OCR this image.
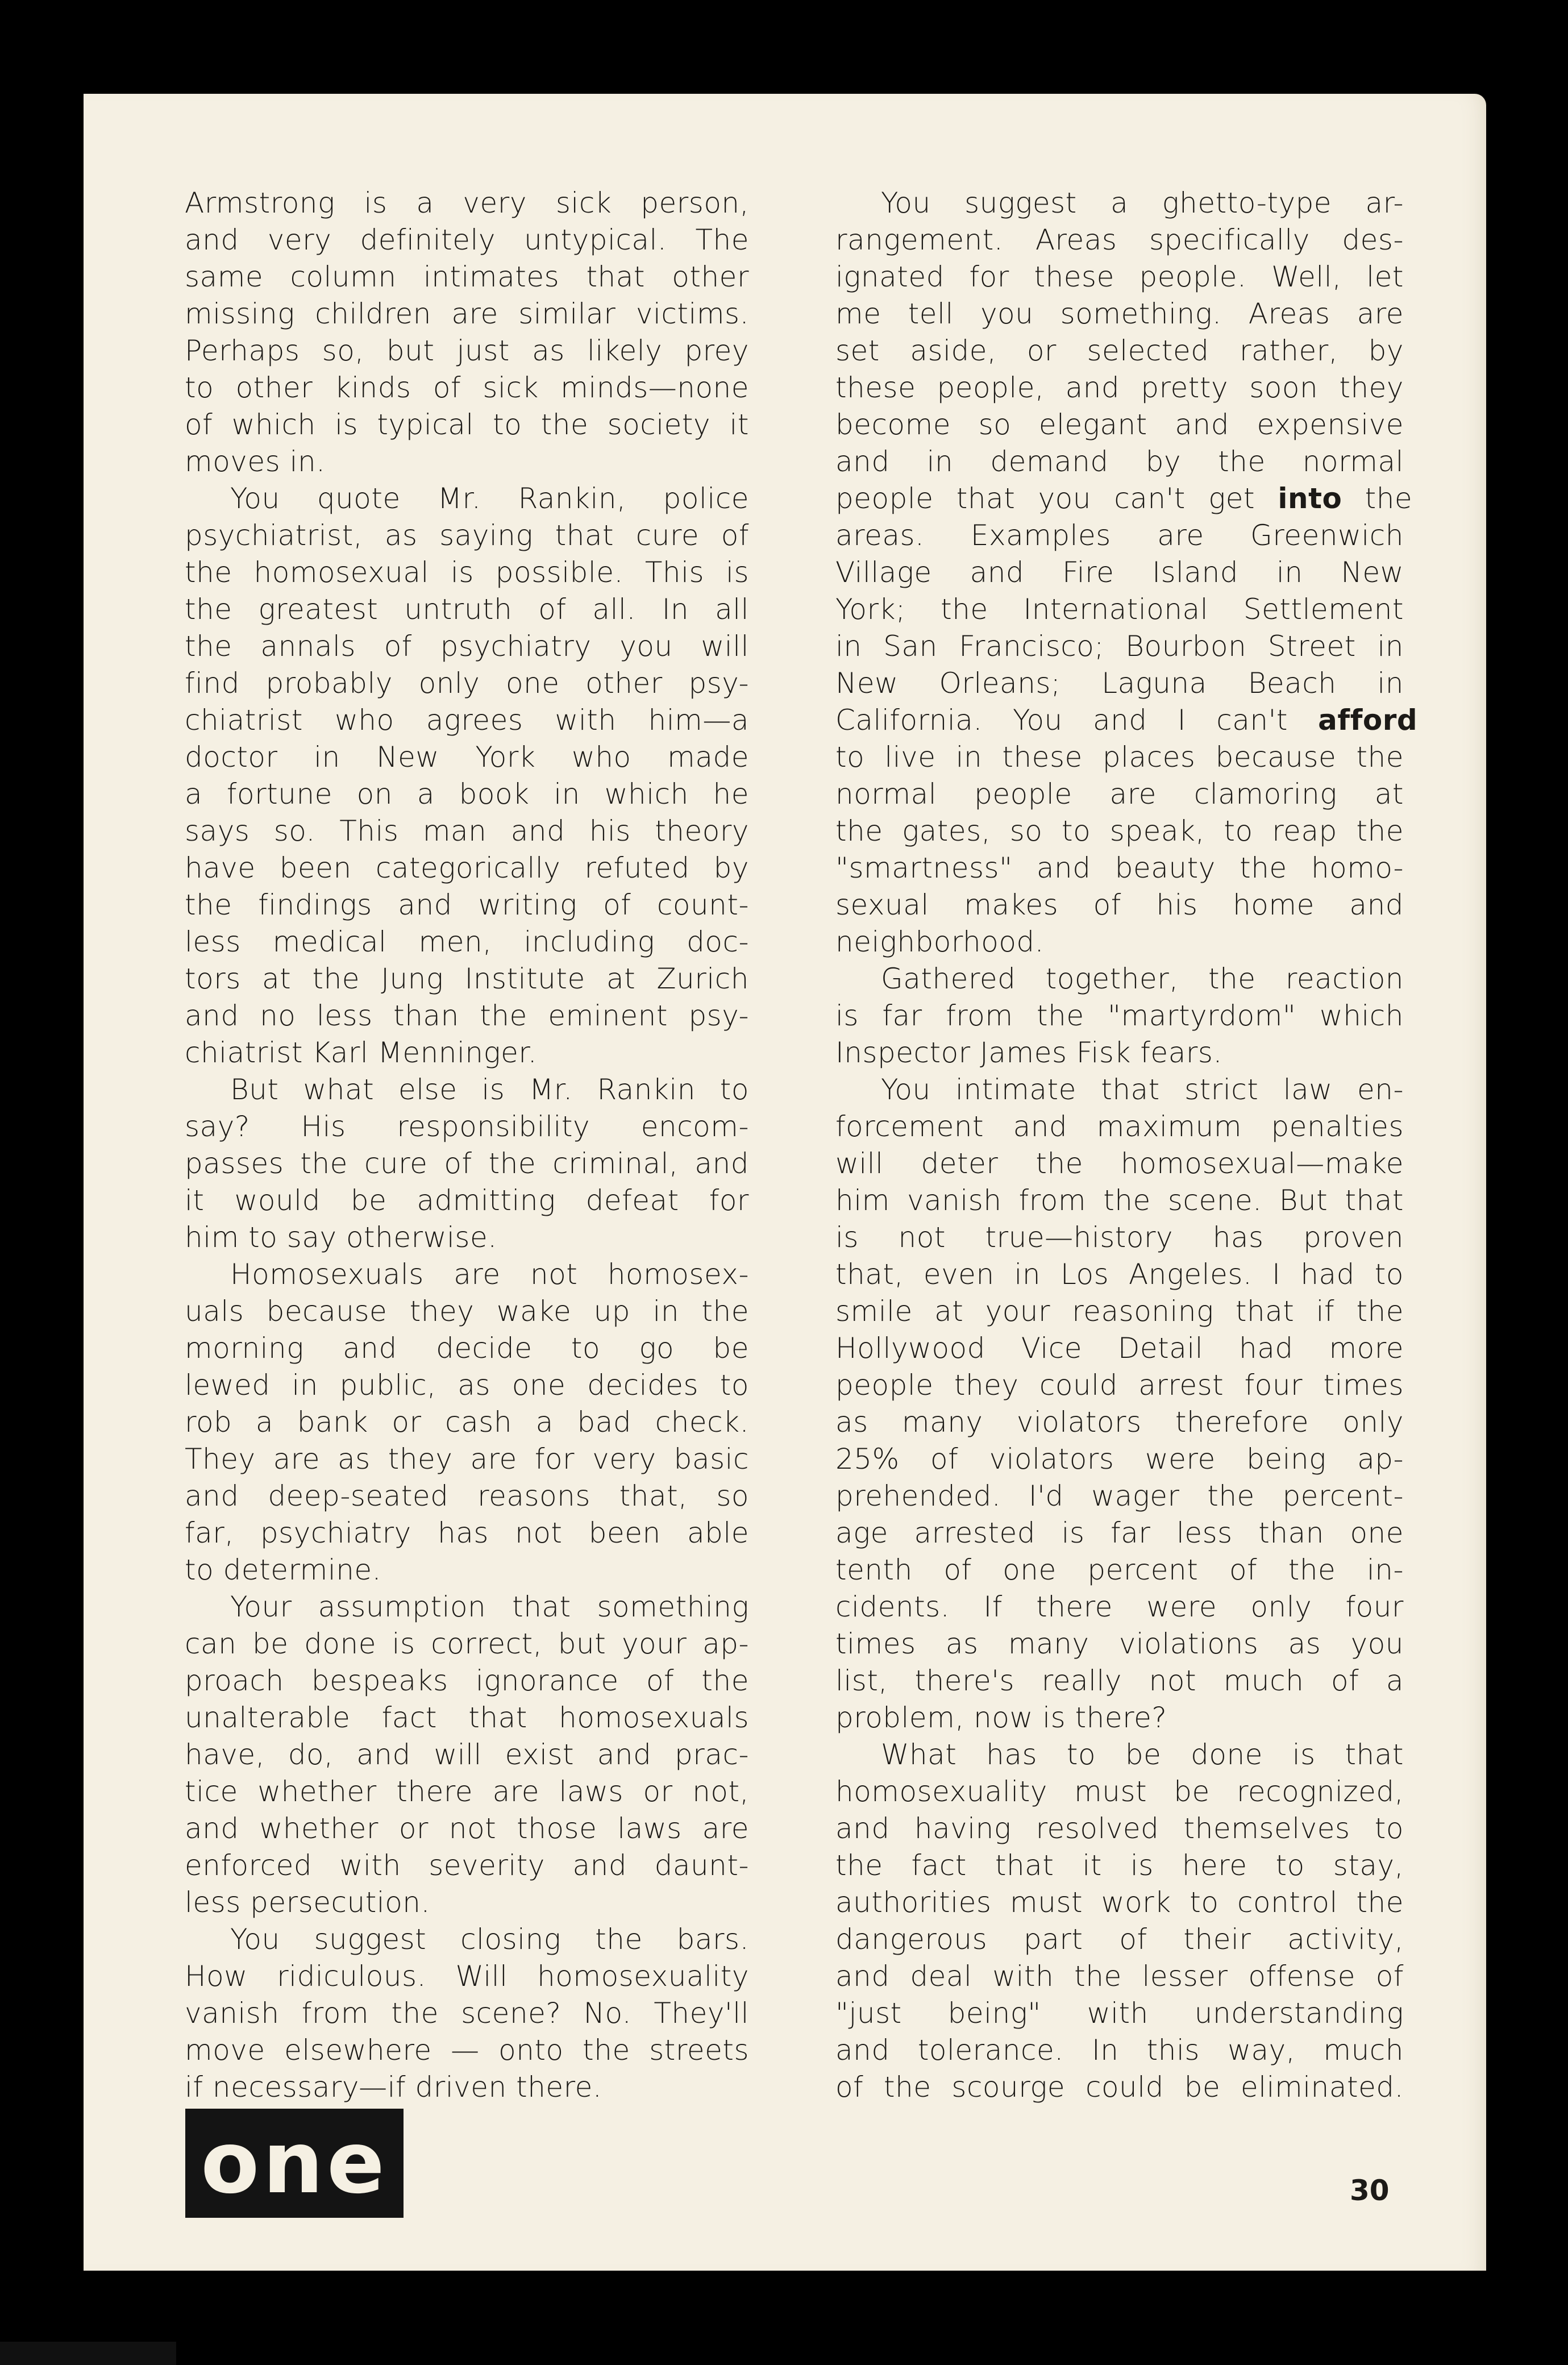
Armstrong is a very sick person,
and very definitely untypical. The
same column intimates that other
missing children are similar victims.
Perhaps so, but just as likely prey
to other kinds of sick minds—none
of which is typical to the society it
moves in.
You quote Mr. Rankin, police
psychiatrist, as saying that cure of
the homosexual is possible. This is
the greatest untruth of all. In all
the annals of psychiatry you will
find probably only one other psy-
chiatrist who agrees with him—a
doctor in New York who made
a fortune on a book in which he
says so. This man and his theory
have been categorically refuted by
the findings and writing of count-
less medical men, including doc-
tors at the Jung Institute at Zurich
and no less than the eminent psy-
chiatrist Karl Menninger.
But what else is Mr. Rankin to
say? His responsibility encom-
passes the cure of the criminal, and
it would be admitting defeat for
him to say otherwise.
Homosexuals are not homosex-
uals because they wake up in the
morning and decide to go be
lewed in public, as one decides to
rob a bank or cash a bad check.
They are as they are for very basic
and deep-seated reasons that, so
far, psychiatry has not been able
to determine.
Your assumption that something
can be done is correct, but your ap-
proach bespeaks ignorance of the
unalterable fact that homosexuals
have, do, and will exist and prac-
tice whether there are laws or not,
and whether or not those laws are
enforced with severity and daunt-
less persecution.
You suggest closing the bars.
How ridiculous. Will homosexuality
vanish from the scene? No. They'll
move elsewhere — onto the streets
if necessary—if driven there.
You suggest a ghetto-type ar-
rangement. Areas specifically des-
ignated for these people. Well, let
me tell you something. Areas are
set aside, or selected rather, by
these people, and pretty soon they
become so elegant and expensive
and in demand by the normal
people that you can't get into the
areas. Examples are Greenwich
Village and Fire Island in New
York; the International Settlement
in San Francisco; Bourbon Street in
New Orleans; Laguna Beach in
California. You and I can't afford
to live in these places because the
normal people are clamoring at
the gates, so to speak, to reap the
"smartness" and beauty the homo-
sexual makes of his home and
neighborhood.
Gathered together, the reaction
is far from the "martyrdom" which
Inspector James Fisk fears.
You intimate that strict law en-
forcement and maximum penalties
will deter the homosexual—make
him vanish from the scene. But that
is not true—history has proven
that, even in Los Angeles. I had to
smile at your reasoning that if the
Hollywood Vice Detail had more
people they could arrest four times
as many violators therefore only
25% of violators were being ap-
prehended. I'd wager the percent-
age arrested is far less than one
tenth of one percent of the in-
cidents. If there were only four
times as many violations as you
list, there's really not much of a
problem, now is there?
What has to be done is that
homosexuality must be recognized,
and having resolved themselves to
the fact that it is here to stay,
authorities must work to control the
dangerous part of their activity,
and deal with the lesser offense of
"just being" with understanding
and tolerance. In this way, much
of the scourge could be eliminated.
one	30
